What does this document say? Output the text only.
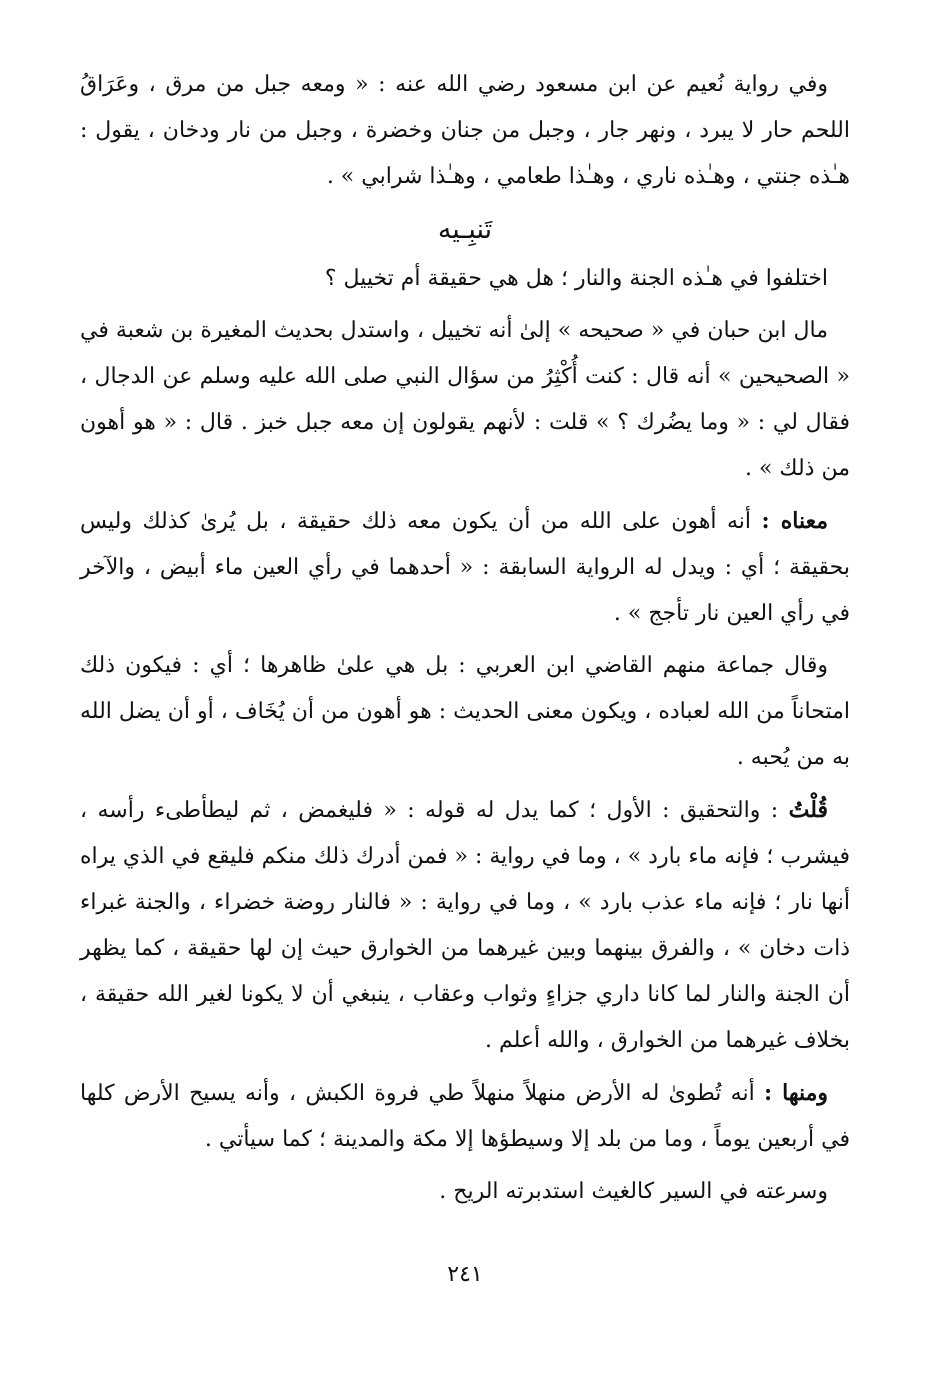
وفي رواية نُعيم عن ابن مسعود رضي الله عنه : « ومعه جبل من مرق ، وعَرَاقُ اللحم حار لا يبرد ، ونهر جار ، وجبل من جنان وخضرة ، وجبل من نار ودخان ، يقول : هـٰذه جنتي ، وهـٰذه ناري ، وهـٰذا طعامي ، وهـٰذا شرابي » .

تَنبِـيه

اختلفوا في هـٰذه الجنة والنار ؛ هل هي حقيقة أم تخييل ؟

مال ابن حبان في « صحيحه » إلىٰ أنه تخييل ، واستدل بحديث المغيرة بن شعبة في « الصحيحين » أنه قال : كنت أُكْثِرُ من سؤال النبي صلى الله عليه وسلم عن الدجال ، فقال لي : « وما يضُرك ؟ » قلت : لأنهم يقولون إن معه جبل خبز . قال : « هو أهون من ذلك » .

معناه : أنه أهون على الله من أن يكون معه ذلك حقيقة ، بل يُرىٰ كذلك وليس بحقيقة ؛ أي : ويدل له الرواية السابقة : « أحدهما في رأي العين ماء أبيض ، والآخر في رأي العين نار تأجج » .

وقال جماعة منهم القاضي ابن العربي : بل هي علىٰ ظاهرها ؛ أي : فيكون ذلك امتحاناً من الله لعباده ، ويكون معنى الحديث : هو أهون من أن يُخَاف ، أو أن يضل الله به من يُحبه .

قُلْتُ : والتحقيق : الأول ؛ كما يدل له قوله : « فليغمض ، ثم ليطأطىء رأسه ، فيشرب ؛ فإنه ماء بارد » ، وما في رواية : « فمن أدرك ذلك منكم فليقع في الذي يراه أنها نار ؛ فإنه ماء عذب بارد » ، وما في رواية : « فالنار روضة خضراء ، والجنة غبراء ذات دخان » ، والفرق بينهما وبين غيرهما من الخوارق حيث إن لها حقيقة ، كما يظهر أن الجنة والنار لما كانا داري جزاءٍ وثواب وعقاب ، ينبغي أن لا يكونا لغير الله حقيقة ، بخلاف غيرهما من الخوارق ، والله أعلم .

ومنها : أنه تُطوىٰ له الأرض منهلاً منهلاً طي فروة الكبش ، وأنه يسيح الأرض كلها في أربعين يوماً ، وما من بلد إلا وسيطؤها إلا مكة والمدينة ؛ كما سيأتي .

وسرعته في السير كالغيث استدبرته الريح .

٢٤١
